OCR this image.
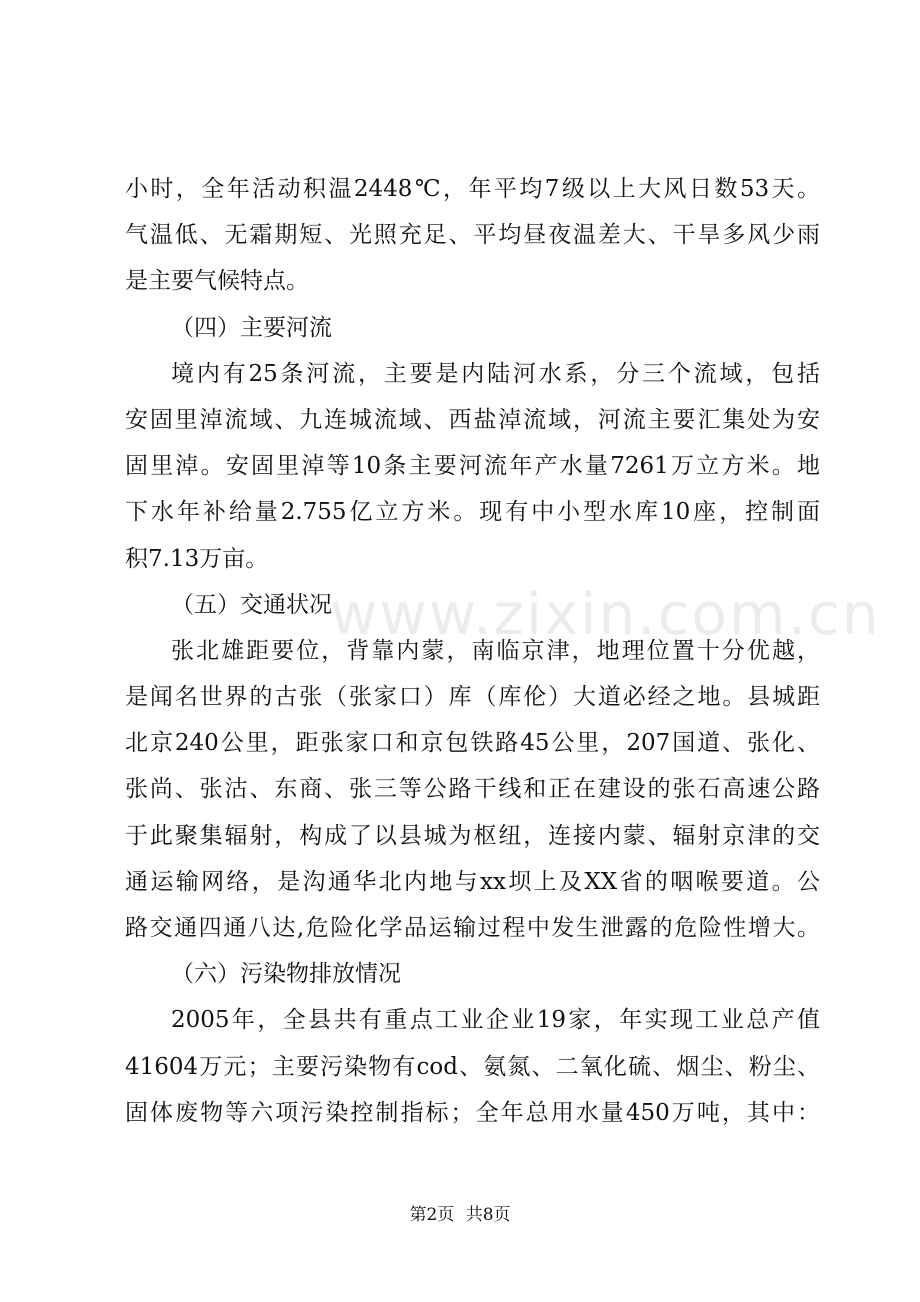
小时，全年活动积温2448℃，年平均7级以上大风日数53天。
气温低、无霜期短、光照充足、平均昼夜温差大、干旱多风少雨
是主要气候特点。
（四）主要河流
境内有25条河流，主要是内陆河水系，分三个流域，包括
安固里淖流域、九连城流域、西盐淖流域，河流主要汇集处为安
固里淖。安固里淖等10条主要河流年产水量7261万立方米。地
下水年补给量2.755亿立方米。现有中小型水库10座，控制面
积7.13万亩。
（五）交通状况
张北雄距要位，背靠内蒙，南临京津，地理位置十分优越，
是闻名世界的古张（张家口）库（库伦）大道必经之地。县城距
北京240公里，距张家口和京包铁路45公里，207国道、张化、
张尚、张沽、东商、张三等公路干线和正在建设的张石高速公路
于此聚集辐射，构成了以县城为枢纽，连接内蒙、辐射京津的交
通运输网络，是沟通华北内地与xx坝上及XX省的咽喉要道。公
路交通四通八达,危险化学品运输过程中发生泄露的危险性增大。
（六）污染物排放情况
2005年，全县共有重点工业企业19家，年实现工业总产值
41604万元；主要污染物有cod、氨氮、二氧化硫、烟尘、粉尘、
固体废物等六项污染控制指标；全年总用水量450万吨，其中：
www.zixin.com.cn
第2页 共8页
